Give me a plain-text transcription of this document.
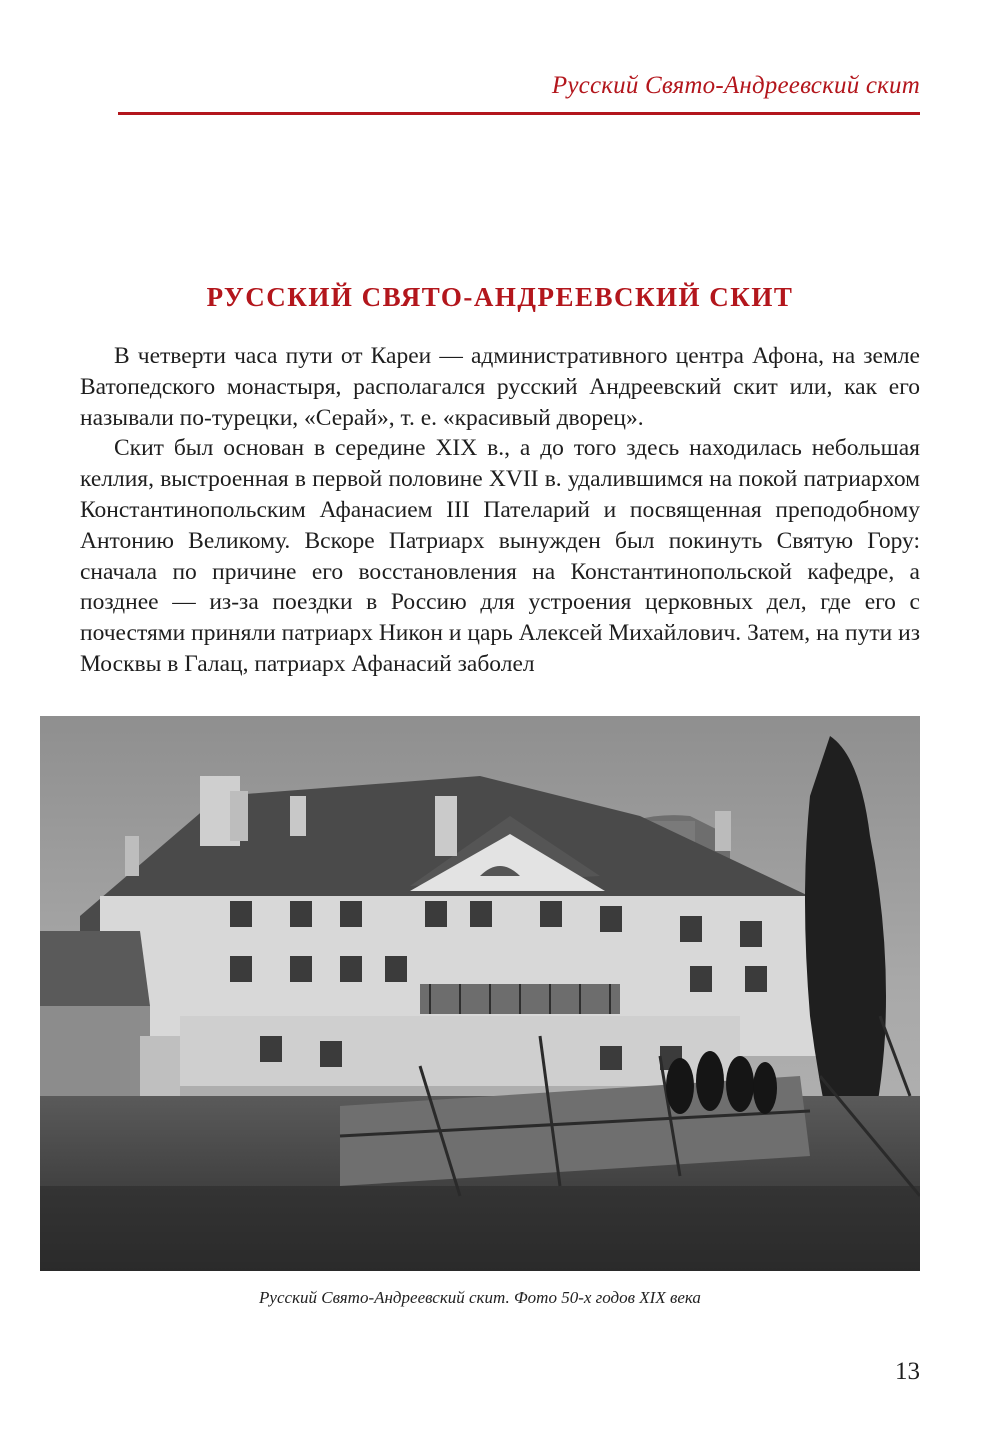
Русский Свято-Андреевский скит
РУССКИЙ СВЯТО-АНДРЕЕВСКИЙ СКИТ

В четверти часа пути от Кареи — административного центра Афона, на земле Ватопедского монастыря, располагался русский Андреевский скит или, как его называли по-турецки, «Серай», т. е. «красивый дворец».

Скит был основан в середине XIX в., а до того здесь находилась небольшая келлия, выстроенная в первой половине XVII в. удалившимся на покой патриархом Константинопольским Афанасием III Пателарий и посвященная преподобному Антонию Великому. Вскоре Патриарх вынужден был покинуть Святую Гору: сначала по причине его восстановления на Константинопольской кафедре, а позднее — из-за поездки в Россию для устроения церковных дел, где его с почестями приняли патриарх Никон и царь Алексей Михайлович. Затем, на пути из Москвы в Галац, патриарх Афанасий заболел

Русский Свято-Андреевский скит. Фото 50-х годов XIX века
13
